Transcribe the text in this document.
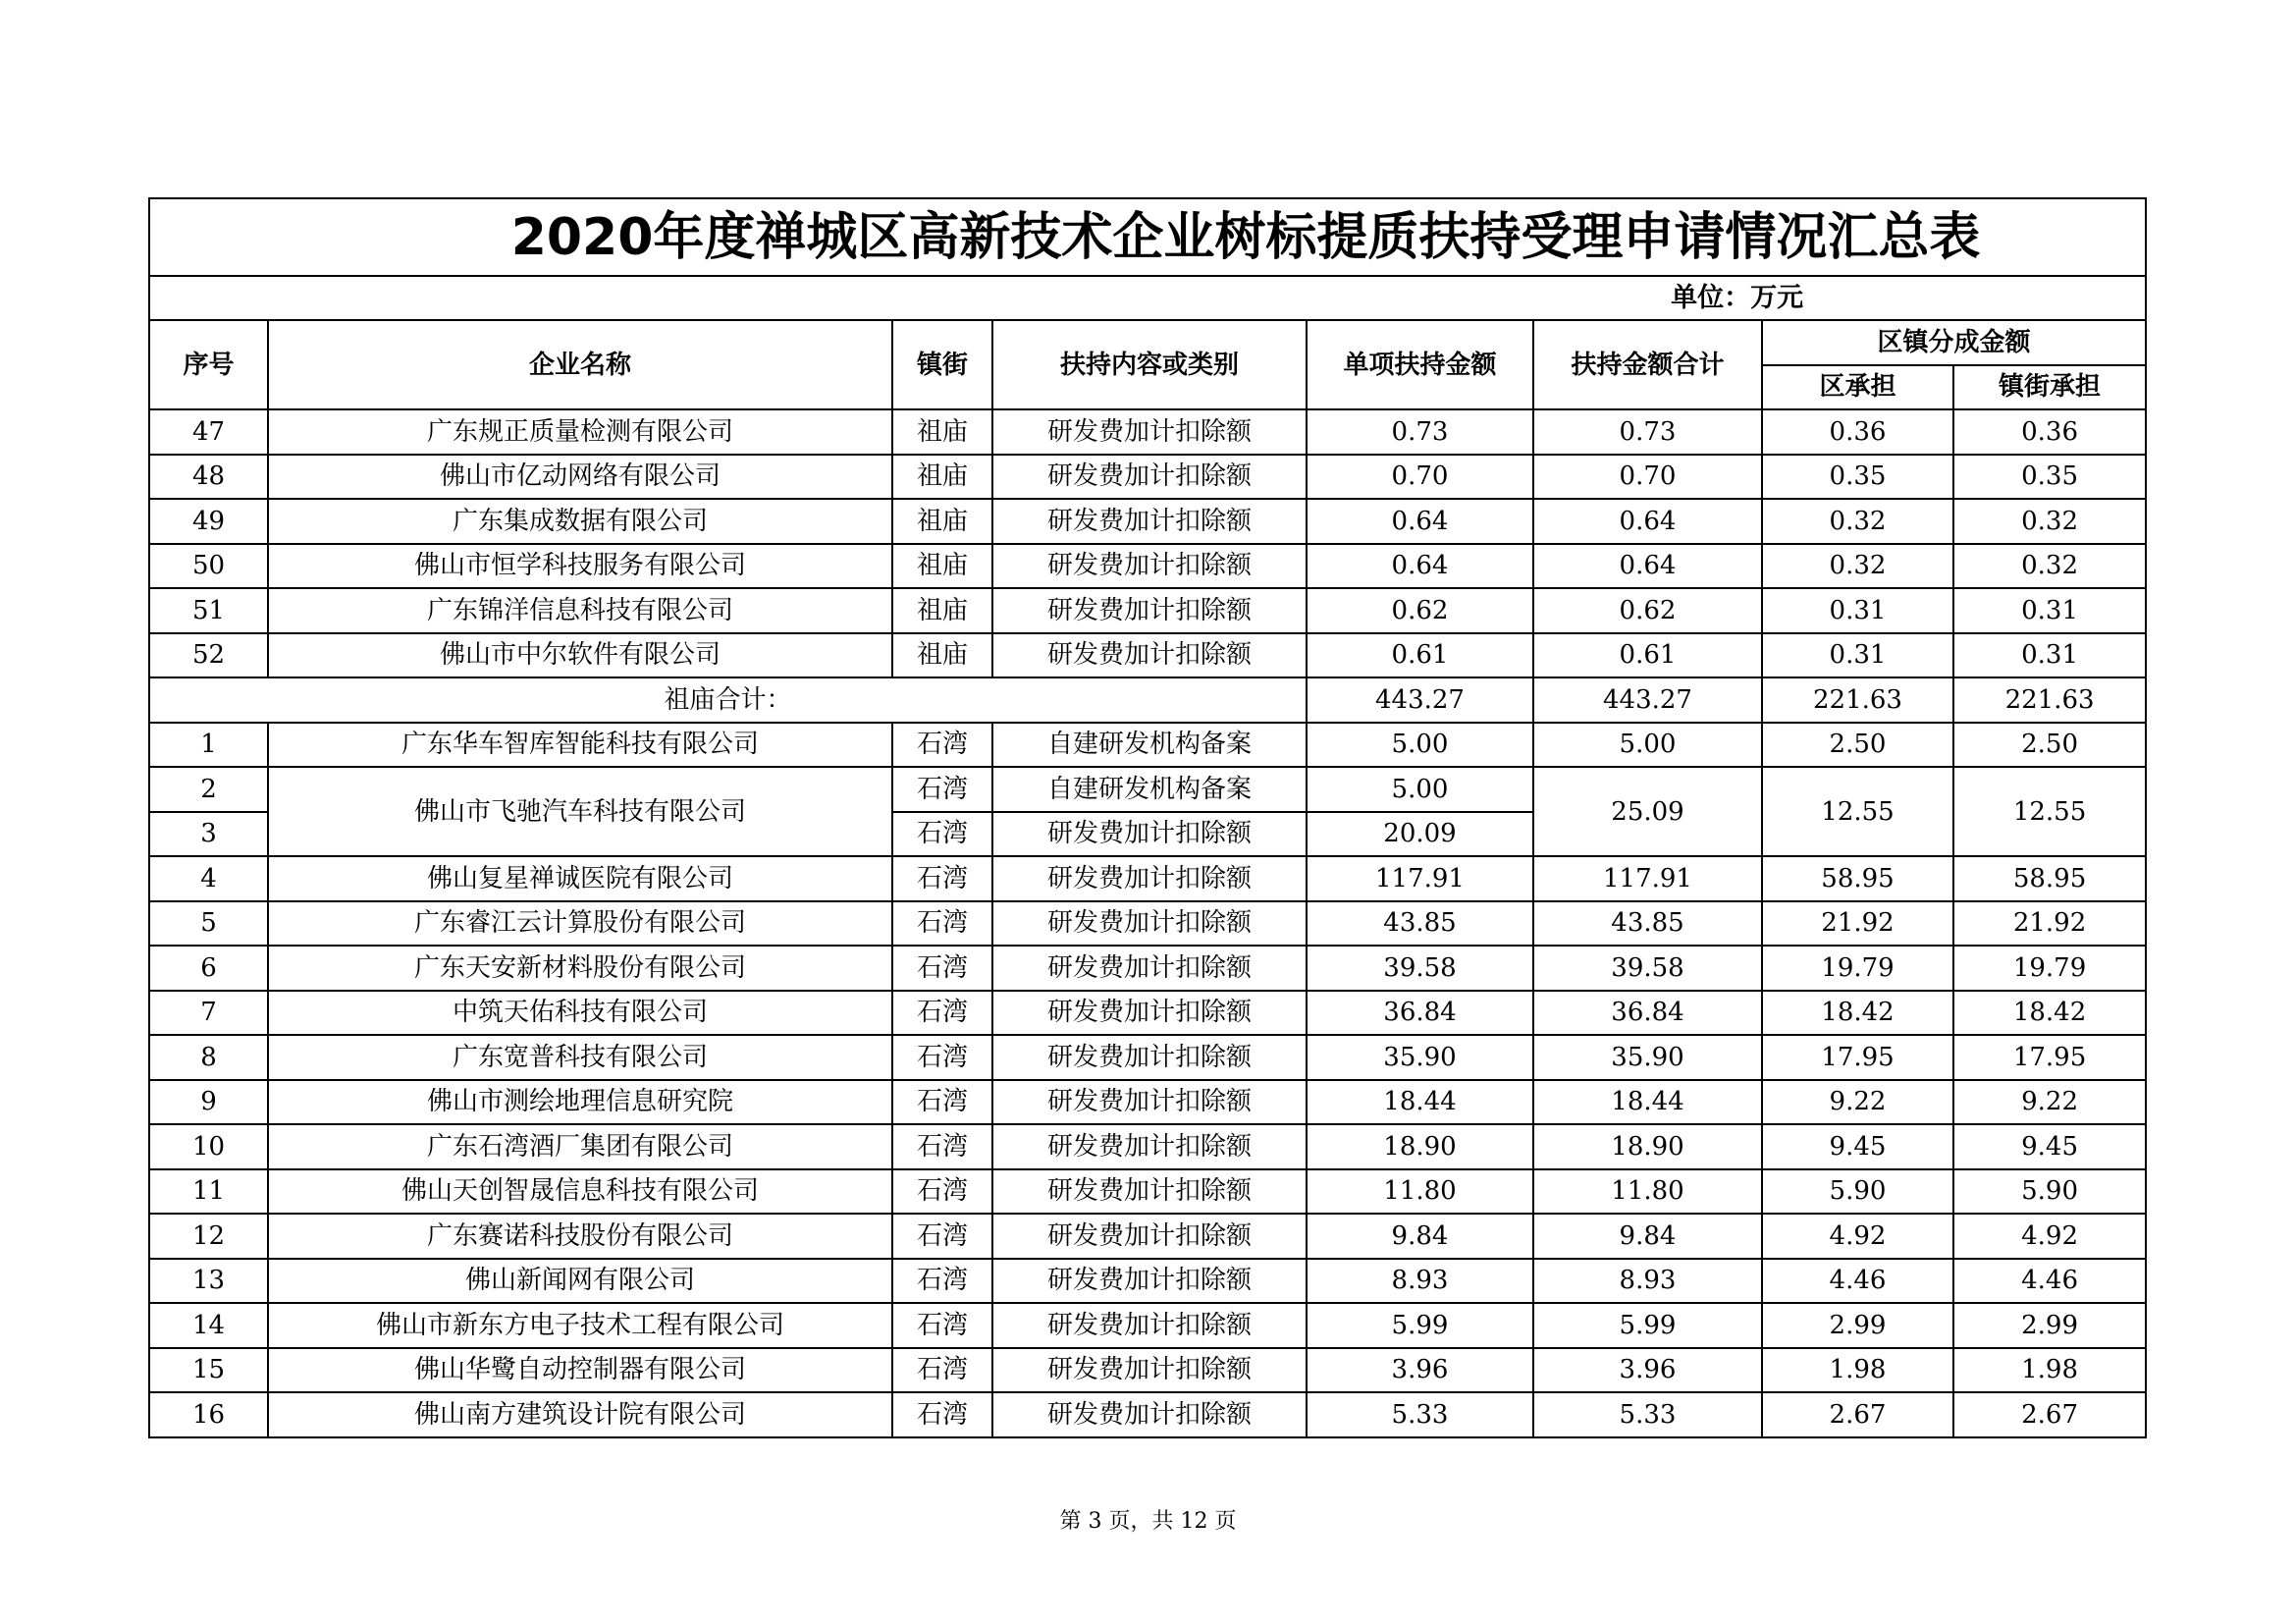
2020年度禅城区高新技术企业树标提质扶持受理申请情况汇总表							
单位：万元							
序号	企业名称	镇街	扶持内容或类别	单项扶持金额	扶持金额合计	区镇分成金额	
						区承担	镇街承担
47	广东规正质量检测有限公司	祖庙	研发费加计扣除额	0.73	0.73	0.36	0.36
48	佛山市亿动网络有限公司	祖庙	研发费加计扣除额	0.70	0.70	0.35	0.35
49	广东集成数据有限公司	祖庙	研发费加计扣除额	0.64	0.64	0.32	0.32
50	佛山市恒学科技服务有限公司	祖庙	研发费加计扣除额	0.64	0.64	0.32	0.32
51	广东锦洋信息科技有限公司	祖庙	研发费加计扣除额	0.62	0.62	0.31	0.31
52	佛山市中尔软件有限公司	祖庙	研发费加计扣除额	0.61	0.61	0.31	0.31
祖庙合计：				443.27	443.27	221.63	221.63
1	广东华车智库智能科技有限公司	石湾	自建研发机构备案	5.00	5.00	2.50	2.50
2	佛山市飞驰汽车科技有限公司	石湾	自建研发机构备案	5.00	25.09	12.55	12.55
3		石湾	研发费加计扣除额	20.09			
4	佛山复星禅诚医院有限公司	石湾	研发费加计扣除额	117.91	117.91	58.95	58.95
5	广东睿江云计算股份有限公司	石湾	研发费加计扣除额	43.85	43.85	21.92	21.92
6	广东天安新材料股份有限公司	石湾	研发费加计扣除额	39.58	39.58	19.79	19.79
7	中筑天佑科技有限公司	石湾	研发费加计扣除额	36.84	36.84	18.42	18.42
8	广东宽普科技有限公司	石湾	研发费加计扣除额	35.90	35.90	17.95	17.95
9	佛山市测绘地理信息研究院	石湾	研发费加计扣除额	18.44	18.44	9.22	9.22
10	广东石湾酒厂集团有限公司	石湾	研发费加计扣除额	18.90	18.90	9.45	9.45
11	佛山天创智晟信息科技有限公司	石湾	研发费加计扣除额	11.80	11.80	5.90	5.90
12	广东赛诺科技股份有限公司	石湾	研发费加计扣除额	9.84	9.84	4.92	4.92
13	佛山新闻网有限公司	石湾	研发费加计扣除额	8.93	8.93	4.46	4.46
14	佛山市新东方电子技术工程有限公司	石湾	研发费加计扣除额	5.99	5.99	2.99	2.99
15	佛山华鹭自动控制器有限公司	石湾	研发费加计扣除额	3.96	3.96	1.98	1.98
16	佛山南方建筑设计院有限公司	石湾	研发费加计扣除额	5.33	5.33	2.67	2.67
第 3 页，共 12 页
